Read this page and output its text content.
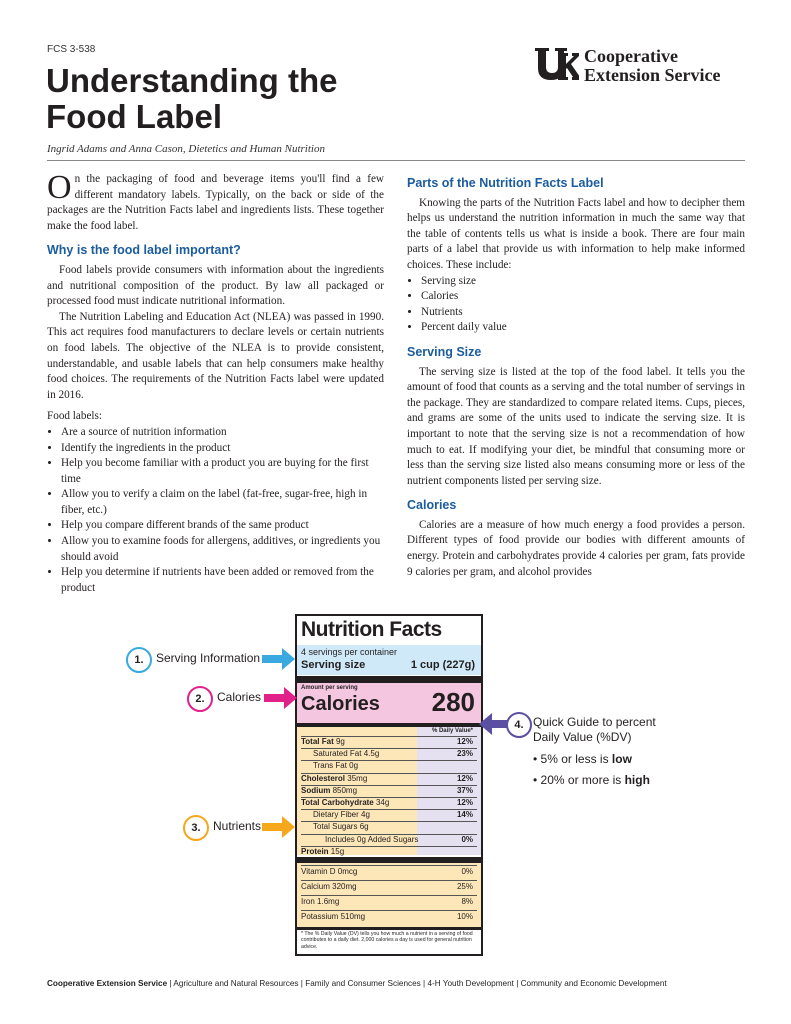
FCS 3-538
Understanding the
Food Label
Ingrid Adams and Anna Cason, Dietetics and Human Nutrition
Cooperative
Extension Service

On the packaging of food and beverage items you'll find a few different mandatory labels. Typically, on the back or side of the packages are the Nutrition Facts label and ingredients lists. These together make the food label.

Why is the food label important?

Food labels provide consumers with information about the ingredients and nutritional composition of the product. By law all packaged or processed food must indicate nutritional information.

The Nutrition Labeling and Education Act (NLEA) was passed in 1990. This act requires food manufacturers to declare levels or certain nutrients on food labels. The objective of the NLEA is to provide consistent, understandable, and usable labels that can help consumers make healthy food choices. The requirements of the Nutrition Facts label were updated in 2016.

Food labels:

• Are a source of nutrition information
• Identify the ingredients in the product
• Help you become familiar with a product you are buying for the first time
• Allow you to verify a claim on the label (fat-free, sugar-free, high in fiber, etc.)
• Help you compare different brands of the same product
• Allow you to examine foods for allergens, additives, or ingredients you should avoid
• Help you determine if nutrients have been added or removed from the product
Parts of the Nutrition Facts Label

Knowing the parts of the Nutrition Facts label and how to decipher them helps us understand the nutrition information in much the same way that the table of contents tells us what is inside a book. There are four main parts of a label that provide us with information to help make informed choices. These include:

• Serving size
• Calories
• Nutrients
• Percent daily value
Serving Size

The serving size is listed at the top of the food label. It tells you the amount of food that counts as a serving and the total number of servings in the package. They are standardized to compare related items. Cups, pieces, and grams are some of the units used to indicate the serving size. It is important to note that the serving size is not a recommendation of how much to eat. If modifying your diet, be mindful that consuming more or less than the serving size listed also means consuming more or less of the nutrient components listed per serving size.

Calories

Calories are a measure of how much energy a food provides a person. Different types of food provide our bodies with different amounts of energy. Protein and carbohydrates provide 4 calories per gram, fats provide 9 calories per gram, and alcohol provides

Nutrition Facts
4 servings per container
Serving size	1 cup (227g)
Amount per serving
Calories 280
% Daily Value*
Total Fat 9g	12%
Saturated Fat 4.5g	23%
Trans Fat 0g
Cholesterol 35mg	12%
Sodium 850mg	37%
Total Carbohydrate 34g	12%
Dietary Fiber 4g	14%
Total Sugars 6g
Includes 0g Added Sugars	0%
Protein 15g
Vitamin D 0mcg	0%
Calcium 320mg	25%
Iron 1.6mg	8%
Potassium 510mg	10%
* The % Daily Value (DV) tells you how much a nutrient in a serving of food contributes to a daily diet. 2,000 calories a day is used for general nutrition advice.
1.	Serving Information
2.	Calories
3.	Nutrients
4. Quick Guide to percent
Daily Value (%DV)
• 5% or less is low
• 20% or more is high
Cooperative Extension Service | Agriculture and Natural Resources | Family and Consumer Sciences | 4-H Youth Development | Community and Economic Development
